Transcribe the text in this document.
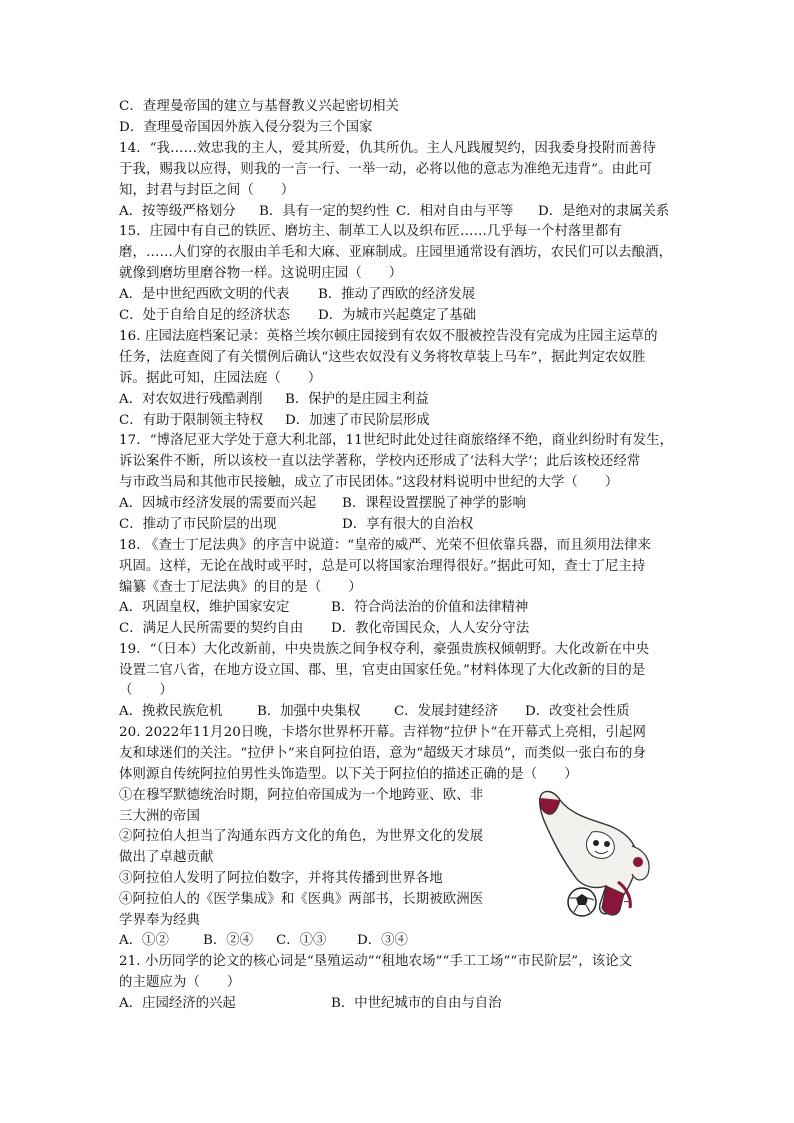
C．查理曼帝国的建立与基督教义兴起密切相关
D．查理曼帝国因外族入侵分裂为三个国家
14．“我……效忠我的主人，爱其所爱，仇其所仇。主人凡践履契约，因我委身投附而善待
于我，赐我以应得，则我的一言一行、一举一动，必将以他的意志为准绝无违背”。由此可
知，封君与封臣之间（　　）
A．按等级严格划分 B．具有一定的契约性 C．相对自由与平等 D．是绝对的隶属关系
15．庄园中有自己的铁匠、磨坊主、制革工人以及织布匠……几乎每一个村落里都有
磨，……人们穿的衣服由羊毛和大麻、亚麻制成。庄园里通常设有酒坊，农民们可以去酿酒，
就像到磨坊里磨谷物一样。这说明庄园（　　）
A．是中世纪西欧文明的代表 B．推动了西欧的经济发展
C．处于自给自足的经济状态 D．为城市兴起奠定了基础
16. 庄园法庭档案记录：英格兰埃尔顿庄园接到有农奴不服被控告没有完成为庄园主运草的
任务，法庭查阅了有关惯例后确认“这些农奴没有义务将牧草装上马车”，据此判定农奴胜
诉。据此可知，庄园法庭（　　）
A．对农奴进行残酷剥削 B．保护的是庄园主利益
C．有助于限制领主特权 D．加速了市民阶层形成
17．“博洛尼亚大学处于意大利北部，11世纪时此处过往商旅络绎不绝，商业纠纷时有发生，
诉讼案件不断，所以该校一直以法学著称，学校内还形成了‘法科大学’；此后该校还经常
与市政当局和其他市民接触，成立了市民团体。”这段材料说明中世纪的大学（　　）
A．因城市经济发展的需要而兴起 B．课程设置摆脱了神学的影响
C．推动了市民阶层的出现	D．享有很大的自治权
18. 《查士丁尼法典》的序言中说道：“皇帝的威严、光荣不但依靠兵器，而且须用法律来
巩固。这样，无论在战时或平时，总是可以将国家治理得很好。”据此可知，查士丁尼主持
编纂《查士丁尼法典》的目的是（　　）
A．巩固皇权，维护国家安定	B．符合尚法治的价值和法律精神
C．满足人民所需要的契约自由 D．教化帝国民众，人人安分守法
19．“（日本）大化改新前，中央贵族之间争权夺利，豪强贵族权倾朝野。大化改新在中央
设置二官八省，在地方设立国、郡、里，官吏由国家任免。”材料体现了大化改新的目的是
（　　）
A．挽救民族危机	B．加强中央集权 C．发展封建经济 D．改变社会性质
20. 2022年11月20日晚，卡塔尔世界杯开幕。吉祥物“拉伊卜”在开幕式上亮相，引起网
友和球迷们的关注。“拉伊卜”来自阿拉伯语，意为“超级天才球员”，而类似一张白布的身
体则源自传统阿拉伯男性头饰造型。以下关于阿拉伯的描述正确的是（　　）
①在穆罕默德统治时期，阿拉伯帝国成为一个地跨亚、欧、非
三大洲的帝国
②阿拉伯人担当了沟通东西方文化的角色，为世界文化的发展
做出了卓越贡献
③阿拉伯人发明了阿拉伯数字，并将其传播到世界各地
④阿拉伯人的《医学集成》和《医典》两部书，长期被欧洲医
学界奉为经典
A．①②	B．②④ C．①③ D．③④
21. 小历同学的论文的核心词是“垦殖运动”“租地农场”“手工工场”“市民阶层”，该论文
的主题应为（　　）
A．庄园经济的兴起	B．中世纪城市的自由与自治
